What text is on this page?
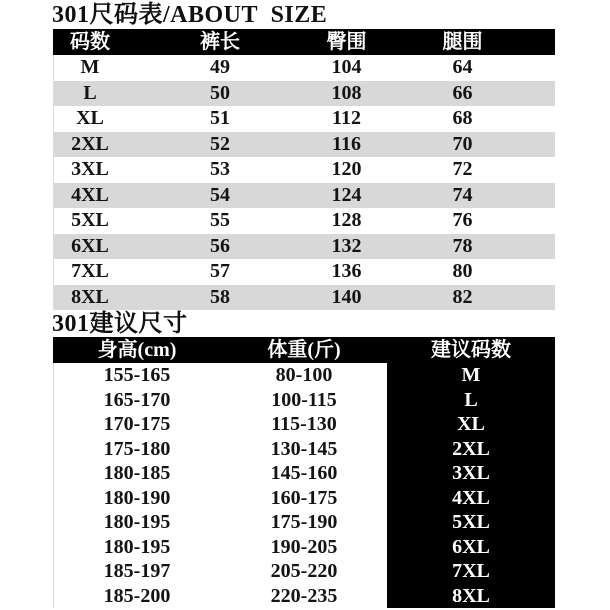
301尺码表/ABOUT  SIZE
码数	裤长	臀围	腿围
M	49	104	64
L	50	108	66
XL	51	112	68
2XL	52	116	70
3XL	53	120	72
4XL	54	124	74
5XL	55	128	76
6XL	56	132	78
7XL	57	136	80
8XL	58	140	82
301建议尺寸
身高(cm)	体重(斤)	建议码数
155-165	80-100	M
165-170	100-115	L
170-175	115-130	XL
175-180	130-145	2XL
180-185	145-160	3XL
180-190	160-175	4XL
180-195	175-190	5XL
180-195	190-205	6XL
185-197	205-220	7XL
185-200	220-235	8XL
